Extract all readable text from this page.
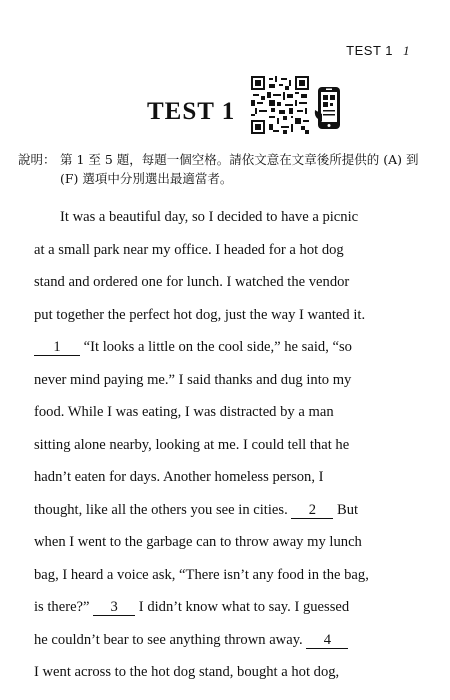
TEST 1 1
TEST 1
說明： 第 1 至 5 題，每題一個空格。請依文意在文章後所提供的 (A) 到
(F) 選項中分別選出最適當者。
It was a beautiful day, so I decided to have a picnic
at a small park near my office. I headed for a hot dog
stand and ordered one for lunch. I watched the vendor
put together the perfect hot dog, just the way I wanted it.
1 “It looks a little on the cool side,” he said, “so
never mind paying me.” I said thanks and dug into my
food. While I was eating, I was distracted by a man
sitting alone nearby, looking at me. I could tell that he
hadn’t eaten for days. Another homeless person, I
thought, like all the others you see in cities. 2 But
when I went to the garbage can to throw away my lunch
bag, I heard a voice ask, “There isn’t any food in the bag,
is there?” 3 I didn’t know what to say. I guessed
he couldn’t bear to see anything thrown away. 4
I went across to the hot dog stand, bought a hot dog,
